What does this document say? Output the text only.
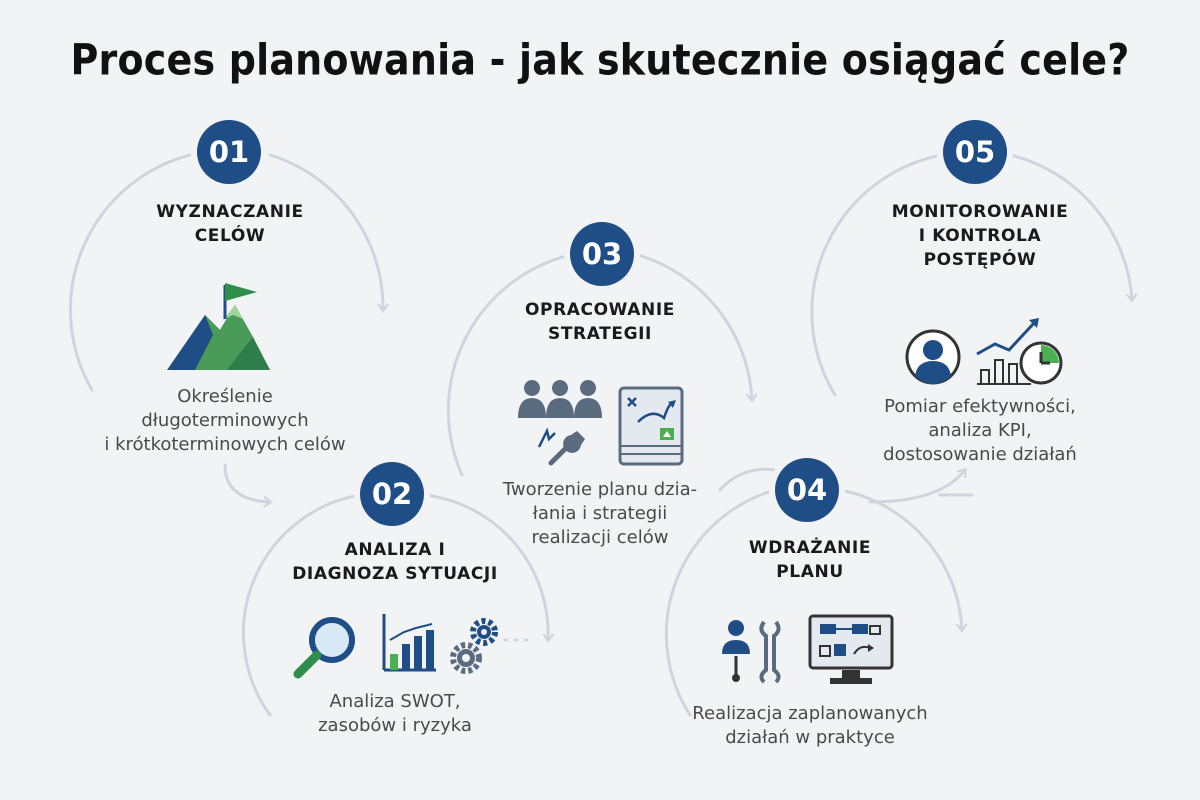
Proces planowania - jak skutecznie osiągać cele?
01
WYZNACZANIE
CELÓW
Określenie
długoterminowych
i krótkoterminowych celów
02
ANALIZA I
DIAGNOZA SYTUACJI
Analiza SWOT,
zasobów i ryzyka
03
OPRACOWANIE
STRATEGII
Tworzenie planu dzia-
łania i strategii
realizacji celów
04
WDRAŻANIE
PLANU
Realizacja zaplanowanych
działań w praktyce
05
MONITOROWANIE
I KONTROLA
POSTĘPÓW
Pomiar efektywności,
analiza KPI,
dostosowanie działań
